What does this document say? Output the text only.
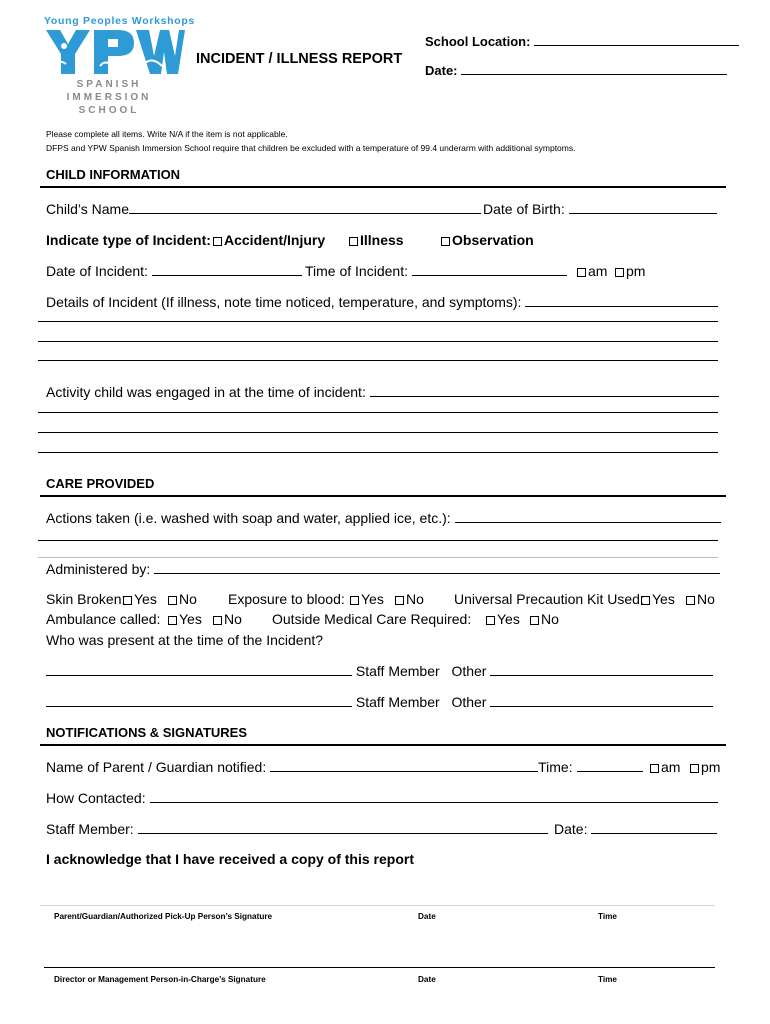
Young Peoples Workshops
SPANISH
IMMERSION
SCHOOL
INCIDENT / ILLNESS REPORT
School Location:
Date:
Please complete all items. Write N/A if the item is not applicable.
DFPS and YPW Spanish Immersion School require that children be excluded with a temperature of 99.4 underarm with additional symptoms.
CHILD INFORMATION
Child’s Name	Date of Birth:
Indicate type of Incident: Accident/Injury	Illness	Observation
Date of Incident:	Time of Incident:	am	pm
Details of Incident (If illness, note time noticed, temperature, and symptoms):
Activity child was engaged in at the time of incident:
CARE PROVIDED
Actions taken (i.e. washed with soap and water, applied ice, etc.):
Administered by:
Skin Broken: Yes	No Exposure to blood:	Yes	No Universal Precaution Kit Used: Yes	No
Ambulance called:	Yes	No Outside Medical Care Required:	Yes	No
Who was present at the time of the Incident?
Staff Member Other
Staff Member Other
NOTIFICATIONS & SIGNATURES
Name of Parent / Guardian notified:	Time:	am	pm
How Contacted:
Staff Member:	Date:
I acknowledge that I have received a copy of this report
Parent/Guardian/Authorized Pick-Up Person’s Signature	Date	Time
Director or Management Person-in-Charge’s Signature	Date	Time
